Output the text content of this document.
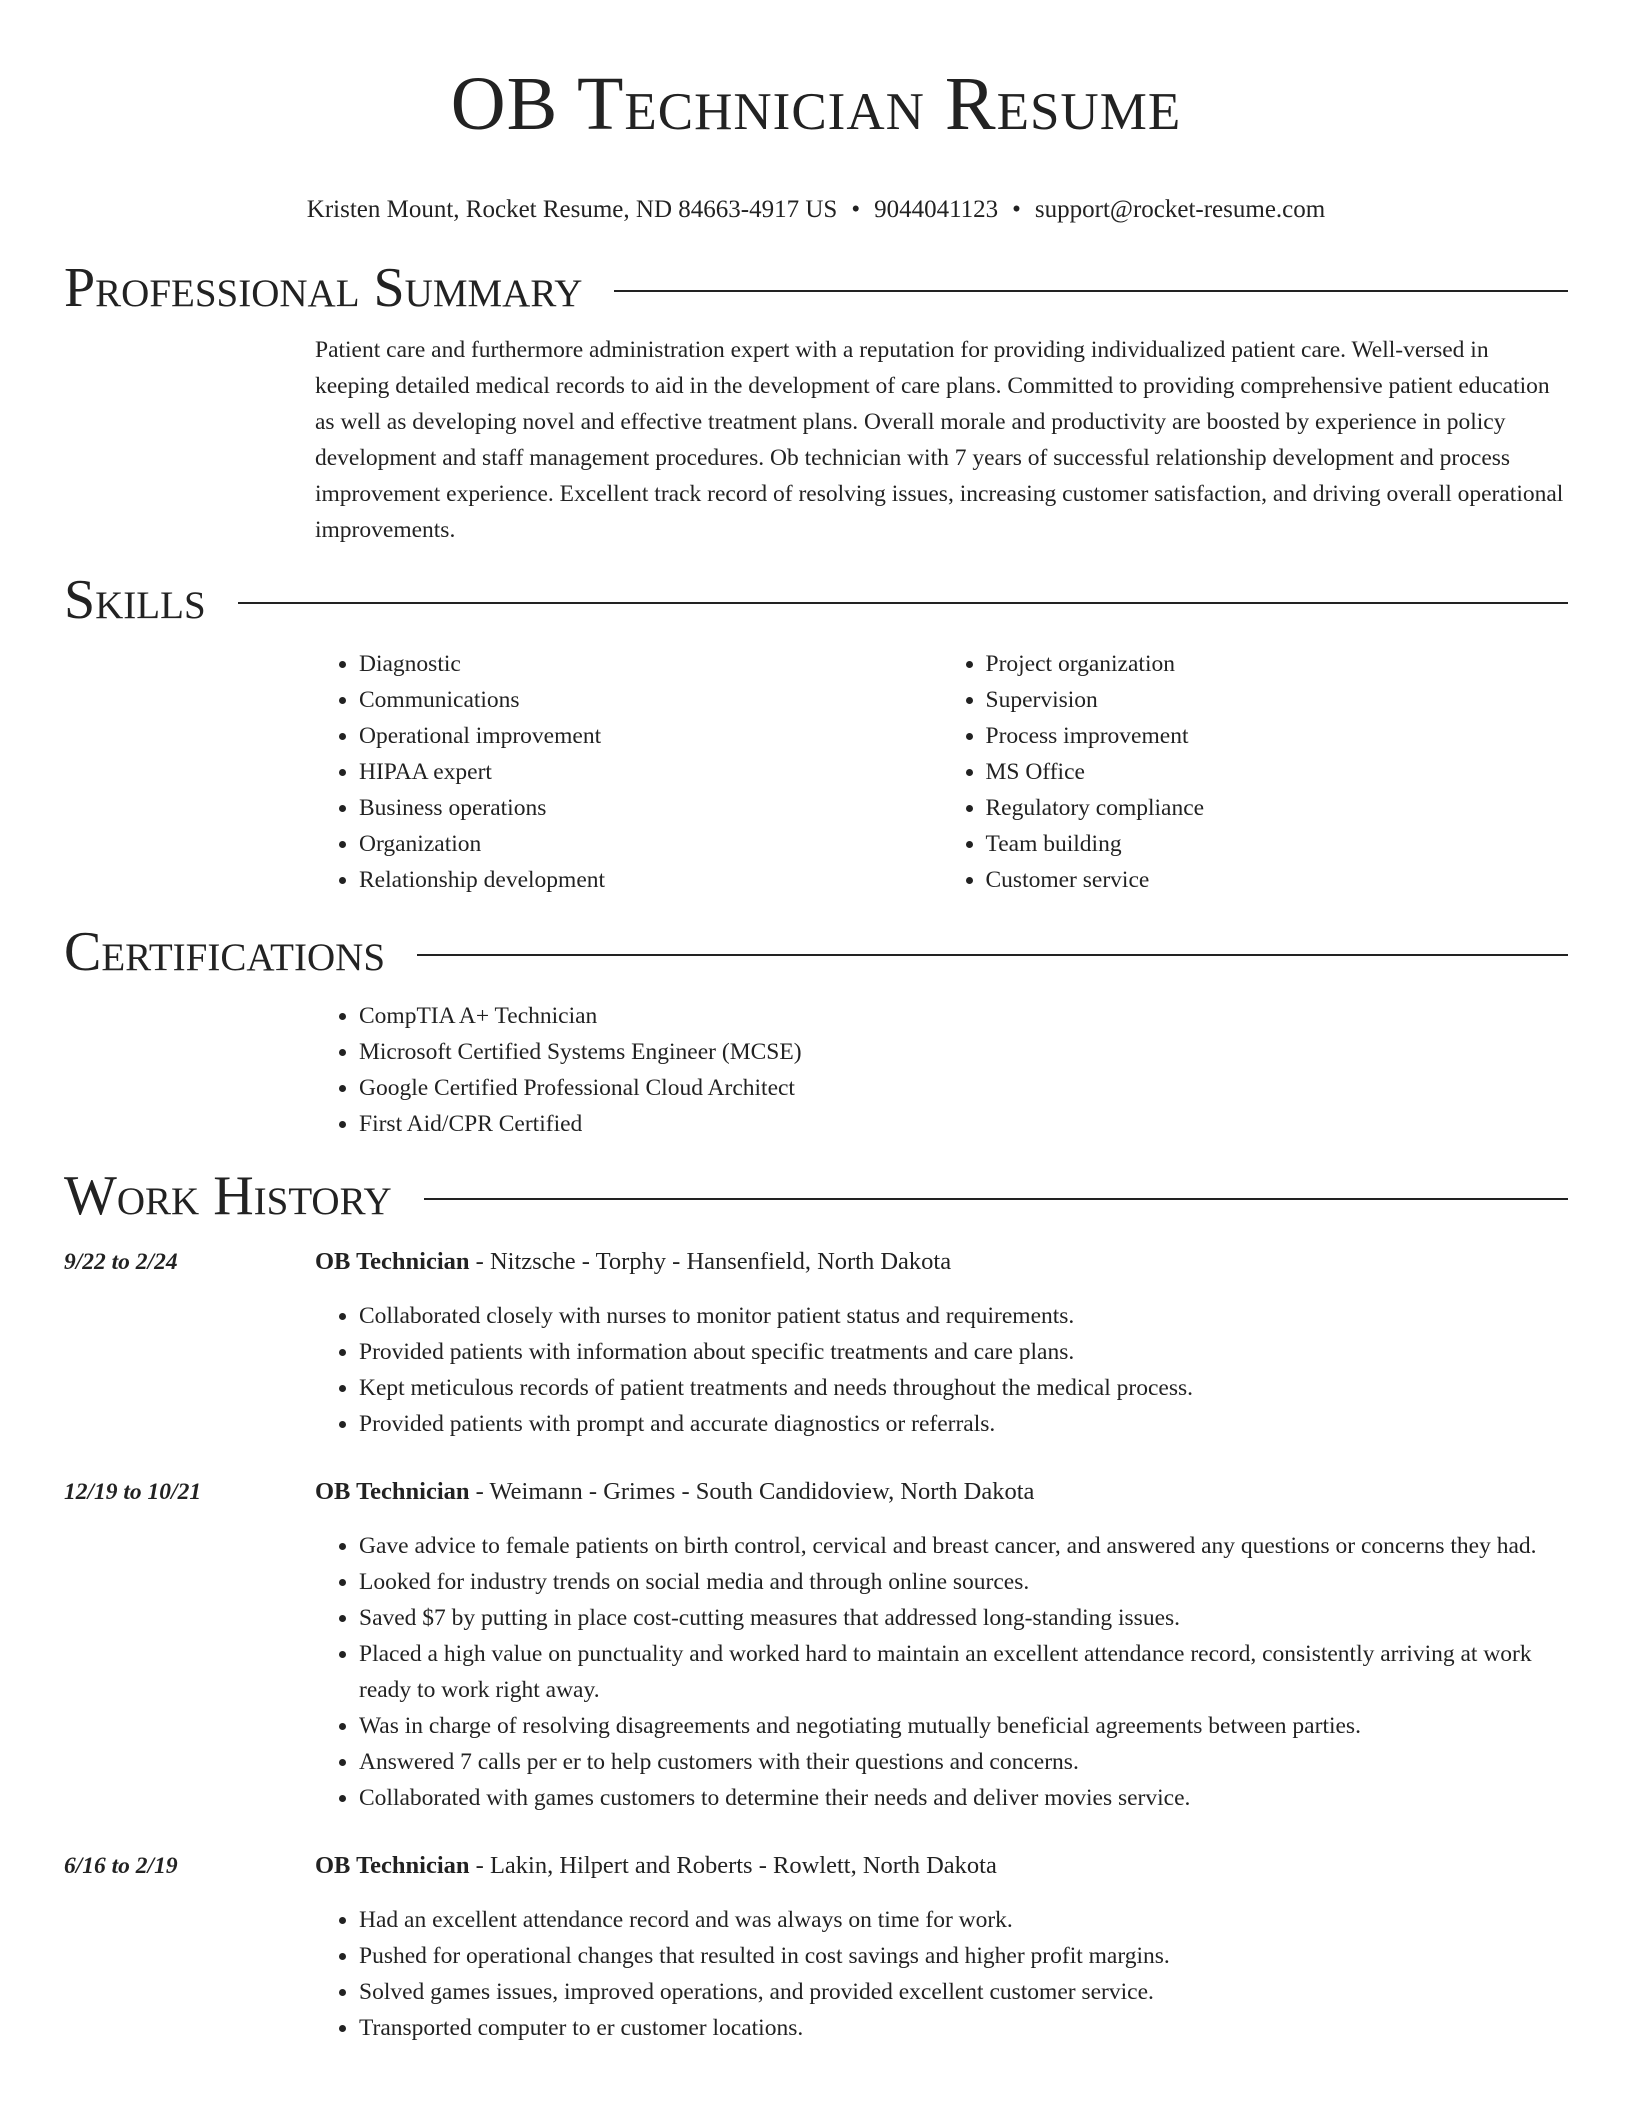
OB Technician Resume
Kristen Mount, Rocket Resume, ND 84663-4917 US • 9044041123 • support@rocket-resume.com
Professional Summary

Patient care and furthermore administration expert with a reputation for providing individualized patient care. Well-versed in keeping detailed medical records to aid in the development of care plans. Committed to providing comprehensive patient education as well as developing novel and effective treatment plans. Overall morale and productivity are boosted by experience in policy development and staff management procedures. Ob technician with 7 years of successful relationship development and process improvement experience. Excellent track record of resolving issues, increasing customer satisfaction, and driving overall operational improvements.

Skills
• Diagnostic
• Communications
• Operational improvement
• HIPAA expert
• Business operations
• Organization
• Relationship development
• Project organization
• Supervision
• Process improvement
• MS Office
• Regulatory compliance
• Team building
• Customer service
Certifications
• CompTIA A+ Technician
• Microsoft Certified Systems Engineer (MCSE)
• Google Certified Professional Cloud Architect
• First Aid/CPR Certified
Work History
9/22 to 2/24	OB Technician - Nitzsche - Torphy - Hansenfield, North Dakota
• Collaborated closely with nurses to monitor patient status and requirements.
• Provided patients with information about specific treatments and care plans.
• Kept meticulous records of patient treatments and needs throughout the medical process.
• Provided patients with prompt and accurate diagnostics or referrals.
12/19 to 10/21	OB Technician - Weimann - Grimes - South Candidoview, North Dakota
• Gave advice to female patients on birth control, cervical and breast cancer, and answered any questions or concerns they had.
• Looked for industry trends on social media and through online sources.
• Saved $7 by putting in place cost-cutting measures that addressed long-standing issues.
• Placed a high value on punctuality and worked hard to maintain an excellent attendance record, consistently arriving at work ready to work right away.
• Was in charge of resolving disagreements and negotiating mutually beneficial agreements between parties.
• Answered 7 calls per er to help customers with their questions and concerns.
• Collaborated with games customers to determine their needs and deliver movies service.
6/16 to 2/19	OB Technician - Lakin, Hilpert and Roberts - Rowlett, North Dakota
• Had an excellent attendance record and was always on time for work.
• Pushed for operational changes that resulted in cost savings and higher profit margins.
• Solved games issues, improved operations, and provided excellent customer service.
• Transported computer to er customer locations.
